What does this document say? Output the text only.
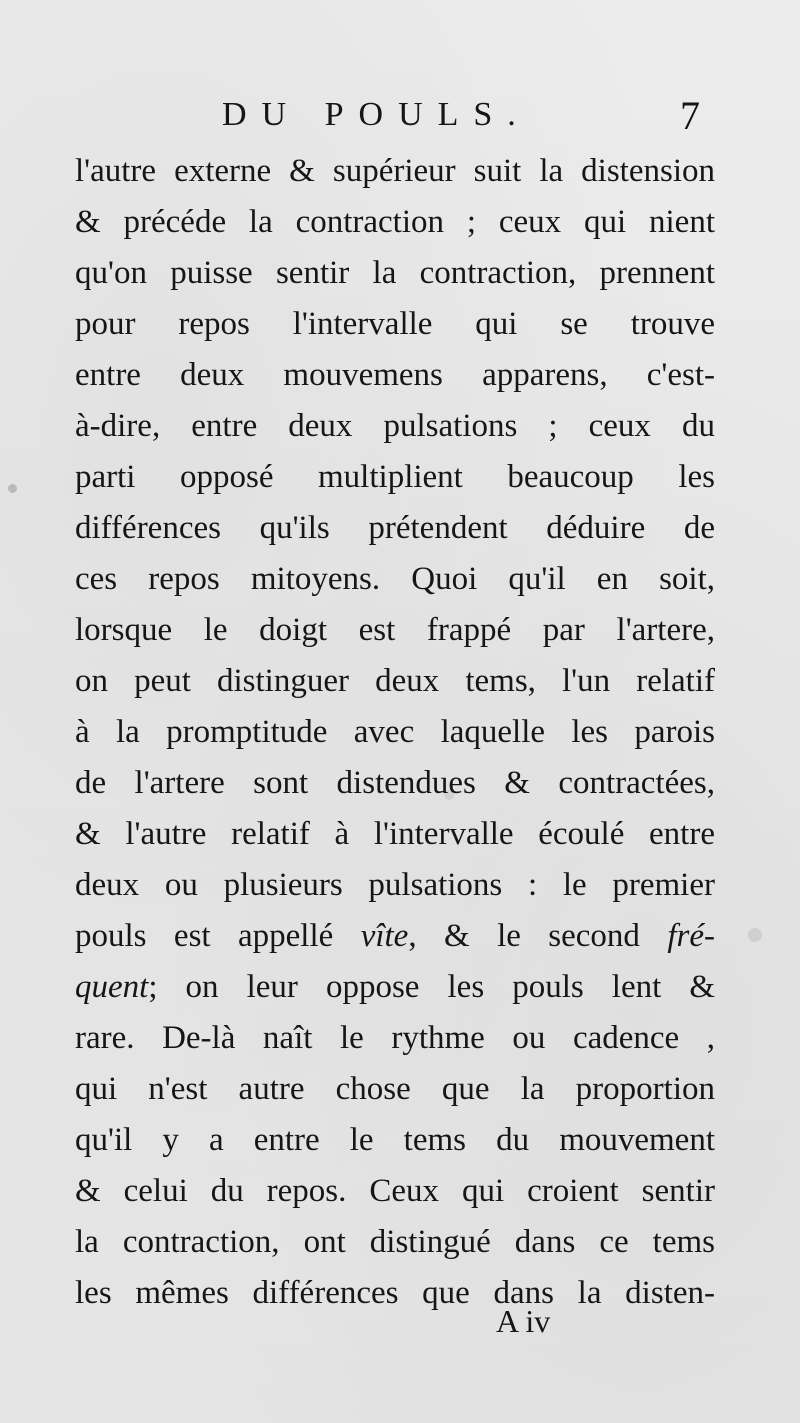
DU POULS.	7
l'autre externe & supérieur suit la distension
& précéde la contraction ; ceux qui nient
qu'on puisse sentir la contraction, prennent
pour repos l'intervalle qui se trouve
entre deux mouvemens apparens, c'est-
à-dire, entre deux pulsations ; ceux du
parti opposé multiplient beaucoup les
différences qu'ils prétendent déduire de
ces repos mitoyens. Quoi qu'il en soit,
lorsque le doigt est frappé par l'artere,
on peut distinguer deux tems, l'un relatif
à la promptitude avec laquelle les parois
de l'artere sont distendues & contractées,
& l'autre relatif à l'intervalle écoulé entre
deux ou plusieurs pulsations : le premier
pouls est appellé vîte, & le second fré-
quent; on leur oppose les pouls lent &
rare. De-là naît le rythme ou cadence ,
qui n'est autre chose que la proportion
qu'il y a entre le tems du mouvement
& celui du repos. Ceux qui croient sentir
la contraction, ont distingué dans ce tems
les mêmes différences que dans la disten-
A iv
